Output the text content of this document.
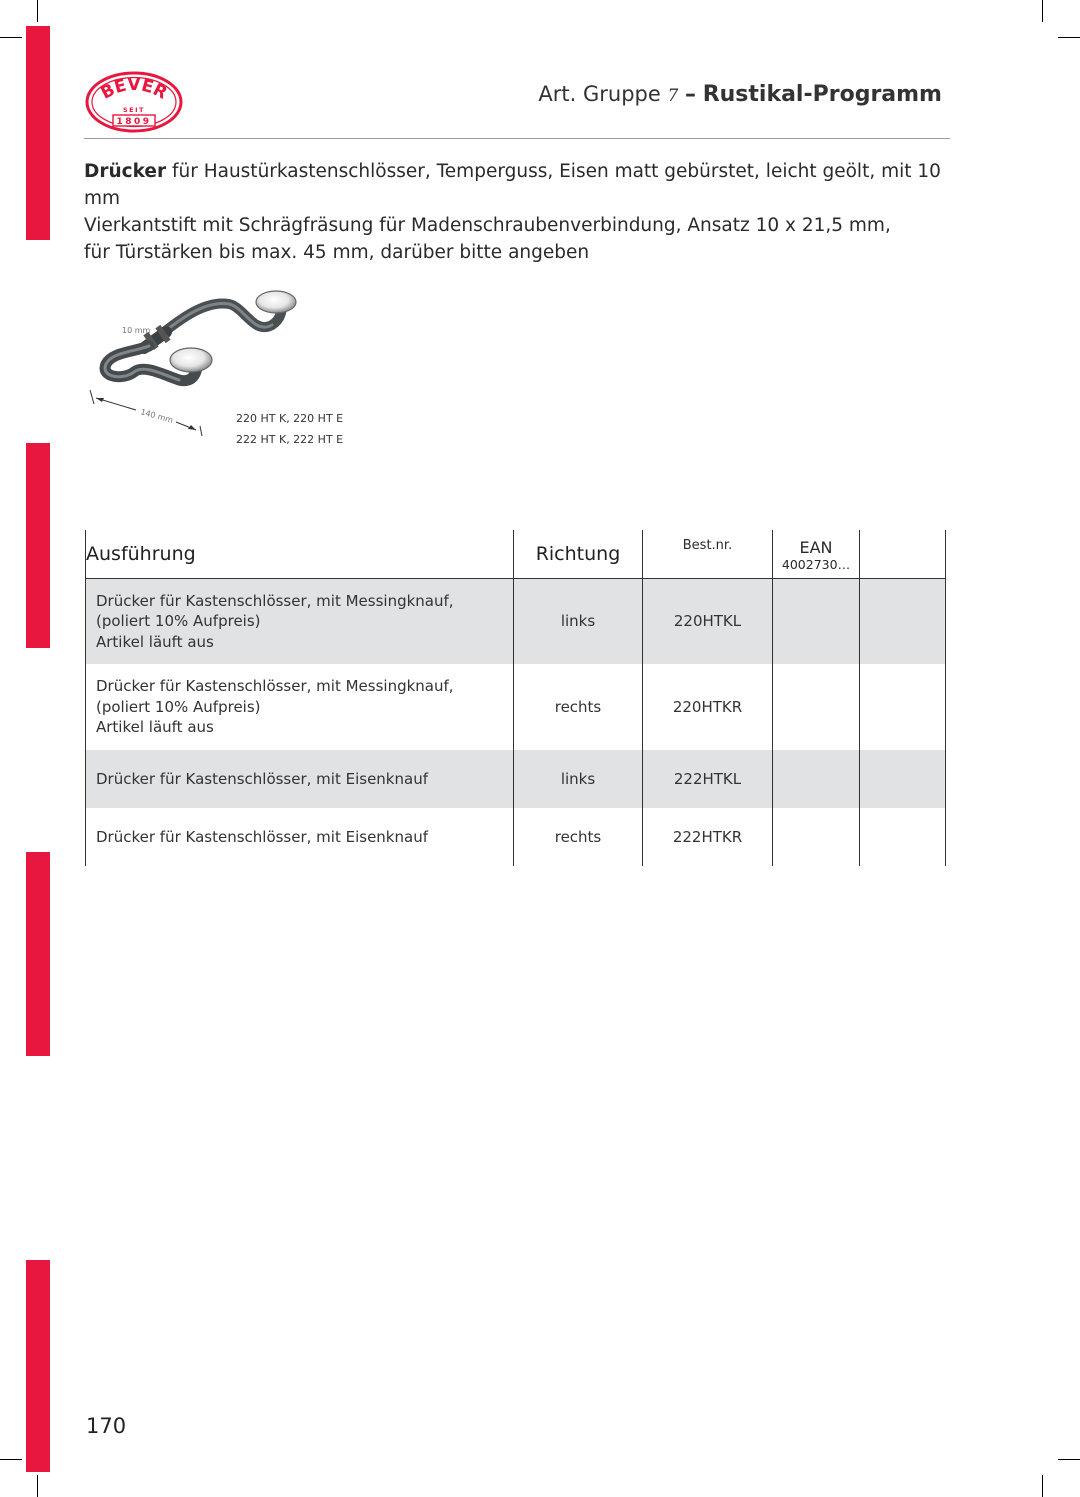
BEVER
SEIT
1809
Art. Gruppe 7 – Rustikal-Programm
Drücker für Haustürkastenschlösser, Temperguss, Eisen matt gebürstet, leicht geölt, mit 10 mm
Vierkantstift mit Schrägfräsung für Madenschraubenverbindung, Ansatz 10 x 21,5 mm,
für Türstärken bis max. 45 mm, darüber bitte angeben
10 mm
140 mm	220 HT K, 220 HT E
222 HT K, 222 HT E
Ausführung	Richtung	Best.nr.	EAN
4002730…	

Drücker für Kastenschlösser, mit Messingknauf,
(poliert 10% Aufpreis)
Artikel läuft aus	links	220HTKL		

Drücker für Kastenschlösser, mit Messingknauf,
(poliert 10% Aufpreis)
Artikel läuft aus	rechts	220HTKR		
Drücker für Kastenschlösser, mit Eisenknauf	links	222HTKL		
Drücker für Kastenschlösser, mit Eisenknauf	rechts	222HTKR		
170
